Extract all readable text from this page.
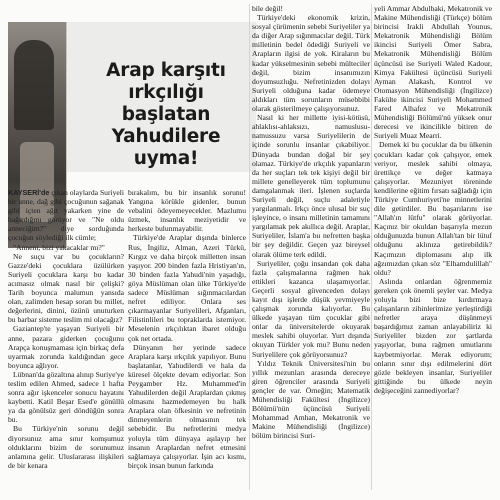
Arap karşıtı
ırkçılığı başlatan
Yahudilere uyma!

KAYSERİ'de çıkan olaylarda Suriyeli bir anne, dağ gibi çocuğunun sağanak gibi içten ağıt yakarken yine de bağırdığını görüyor ve "Ne oldu anneciğim?" diye sorduğunda çocuğun söylediği ilk cümle;

"Anneni, bizi yakacaklar mı?"

Ne suçu var bu çocukların? Gazze'deki çocuklara üzülürken Suriyeli çocuklara karşı bu kadar acımasız olmak nasıl bir çelişki? Tarih boyunca malumun yansıda olan, zalimden hesap soran bu millet, değerlerini, dinini, özünü unuturken bu barbar sisteme teslim mi olacağız?

Gaziantep'te yaşayan Suriyeli bir anne, pazara giderken çocuğunu Arapça konuşmaması için birkaç defa uyarmak zorunda kaldığından gece boyunca ağlıyor.

Lübnan'da gözaltına alınıp Suriye'ye teslim edilen Ahmed, sadece 1 hafta sonra ağır işkenceler sonucu hayatını kaybetti. Katil Beşar Esed'e gönüllü ya da gönülsüz geri döndüğün sonra bu.

Bu Türkiye'nin sorunu değil diyorsunuz ama sınır komşumuz olduklarını bizim de sorunumuz anlamına gelir. Uluslararası ilişkileri de bir kenara

bırakalım, bu bir insanlık sorunu! Yangına körükle gidenler, bunun vebalini ödeyemeyecekler. Mazlumu üzmek, insanlık meziyetidir ve herkeste bulunmayabilir.

Türkiye'de Araplar dışında binlerce Rus, İngiliz, Alman, Azeri Türkü, Kırgız ve daha birçok milletten insan yaşıyor. 200 binden fazla Hristiyan'ın, 30 binden fazla Yahudi'nin yaşadığı, göya Müslüman olan ülke Türkiye'de sadece Müslüman sığınmacılardan nefret ediliyor. Onlara ses çıkarmayanlar Suriyelileri, Afganları, Filistinlileri bu topraklarda istemiyor. Meselenin ırkçılıktan ibaret olduğu çok net ortada.

Dünyanın her yerinde sadece Araplara karşı ırkçılık yapılıyor. Bunu başlatanlar, Yahudilerdi ve hala da küresel ölçekte devam ediyorlar. Son Peygamber Hz. Muhammed'in Yahudilerden değil Araplardan çıkmış olmasını hazmedemeyen bu halk Araplara olan öfkesinin ve nefretinin dinmeyenlerin olmasının tek sebebidir. Bu nefretlerini medya yoluyla tüm dünyaya aşılayıp her insanın Araplardan nefret etmesini sağlamaya çalışıyorlar. İşin acı kısmı, birçok insan bunun farkında

bile değil!

Türkiye'deki ekonomik krizin, sosyal çürümenin sebebi Suriyeliler ya da diğer Arap sığınmacılar değil. Türk milletinin bedel ödediği Suriyeli ve Arapların ilgisi de yok. Kiraların bu kadar yükselmesinin sebebi mülteciler değil, bizim insanımızın doyumsuzluğu. Nefretinizden dolayı Suriyeli olduğuna kadar ödemeye aldıkları tüm sorunların müsebbibi olarak gösterilmeye çalışıyorsunuz.

Nasıl ki her millette iyisi-kötüsü, ahlaklısı-ahlaksızı, namuslusu-namussuzu varsa Suriyelilerin de içinde sorunlu insanlar çıkabiliyor. Dünyada bundan doğal bir şey olamaz. Türkiye'de ırkçılık yapanların da her suçları tek tek kişiyi değil bir millete genelleyerek tüm toplumunu damgalanmak ileri. İşlenen suçlarda Suriyeli değil, suçlu adaletiyle yargılanmalı. Irkçı önce ulusal bir suç işleyince, o insanı milletinin tamamını yargılamak pek akıllıca değil. Araplar, Suriyeliler, İslam'a bu nefretten başka bir şey değildir. Geçen yaz bireysel olarak ölüme terk edildi.

Suriyeliler, çoğu insandan çok daha fazla çalışmalarına rağmen hak ettikleri kazanca ulaşamıyorlar. Geçerli sosyal güvenceden dolayı kayıt dışı işlerde düşük yevmiyeyle çalışmak zorunda kalıyorlar. Bu ülkede yaşayan tüm çocuklar gibi onlar da üniversitelerde okuyarak meslek sahibi oluyorlar. Yurt dışında okuyan Türkler yok mu? Bunu neden Suriyelilere çok görüyorsunuz?

Yıldız Teknik Üniversitesi'nin bu yıllık mezunları arasında dereceye giren öğrenciler arasında Suriyeli gençler de var. Örneğin; Matematik Mühendisliği Fakültesi (İngilizce) Bölümü'nün üçüncüsü Suriyeli Mohammad Amhan, Mekatronik ve Makine Mühendisliği (İngilizce) bölüm birincisi Suri-

yeli Ammar Abdulbaki, Mekatronik ve Makine Mühendisliği (Türkçe) bölüm birincisi Irakli Abdullah Younus, Mekatronik Mühendisliği Bölüm ikincisi Suriyeli Ömer Sabra, Mekatronik Mühendisliği Bölüm üçüncüsü ise Suriyeli Waled Kadour, Kimya Fakültesi üçüncüsü Suriyeli Ayman Alakash, Kontrol ve Otomasyon Mühendisliği (İngilizce) Fakülte ikincisi Suriyeli Mohammed Fared Alhafez ve Mekatronik Mühendisliği Bölümü'nü yüksek onur derecesi ve ikincilikle bitiren de Suriyeli Muaz Mearri.

Demek ki bu çocuklar da bu ülkenin çocukları kadar çok çalışıyor, emek veriyor, meslek sahibi olmaya, ürettikçe ve değer katmaya çalışıyorlar. Mezuniyet töreninde kendilerine eğitim fırsatı sağladığı için Türkiye Cumhuriyeti'ne minnetlerini dile getirdiler. Bu başarılarını ise "Allah'ın lütfu" olarak görüyorlar. Kaçınız bir okuldan başarıyla mezun olduğunuzda bunun Allah'tan bir lütuf olduğunu aklınıza getirebildik? Kaçımızın diplomasını alıp ilk ağzımızdan çıkan söz "Elhamdulillah" oldu?

Aslında onlardan öğrenmemiz gereken çok önemli şeyler var. Medya yoluyla bizi bize kırdırmaya çalışanların zihinlerimize yerleştirdiği nefretler araya düşünmeyi başardığımız zaman anlayabiliriz ki Suriyeliler bizden zor şartlarda yaşıyorlar, buna rağmen umutlarını kaybetmiyorlar. Merak ediyorum; onların sınır dışı edilmelerini dört gözle bekleyen insanlar, Suriyeliler gittiğinde bu ülkede neyin değişeceğini zannediyorlar?
